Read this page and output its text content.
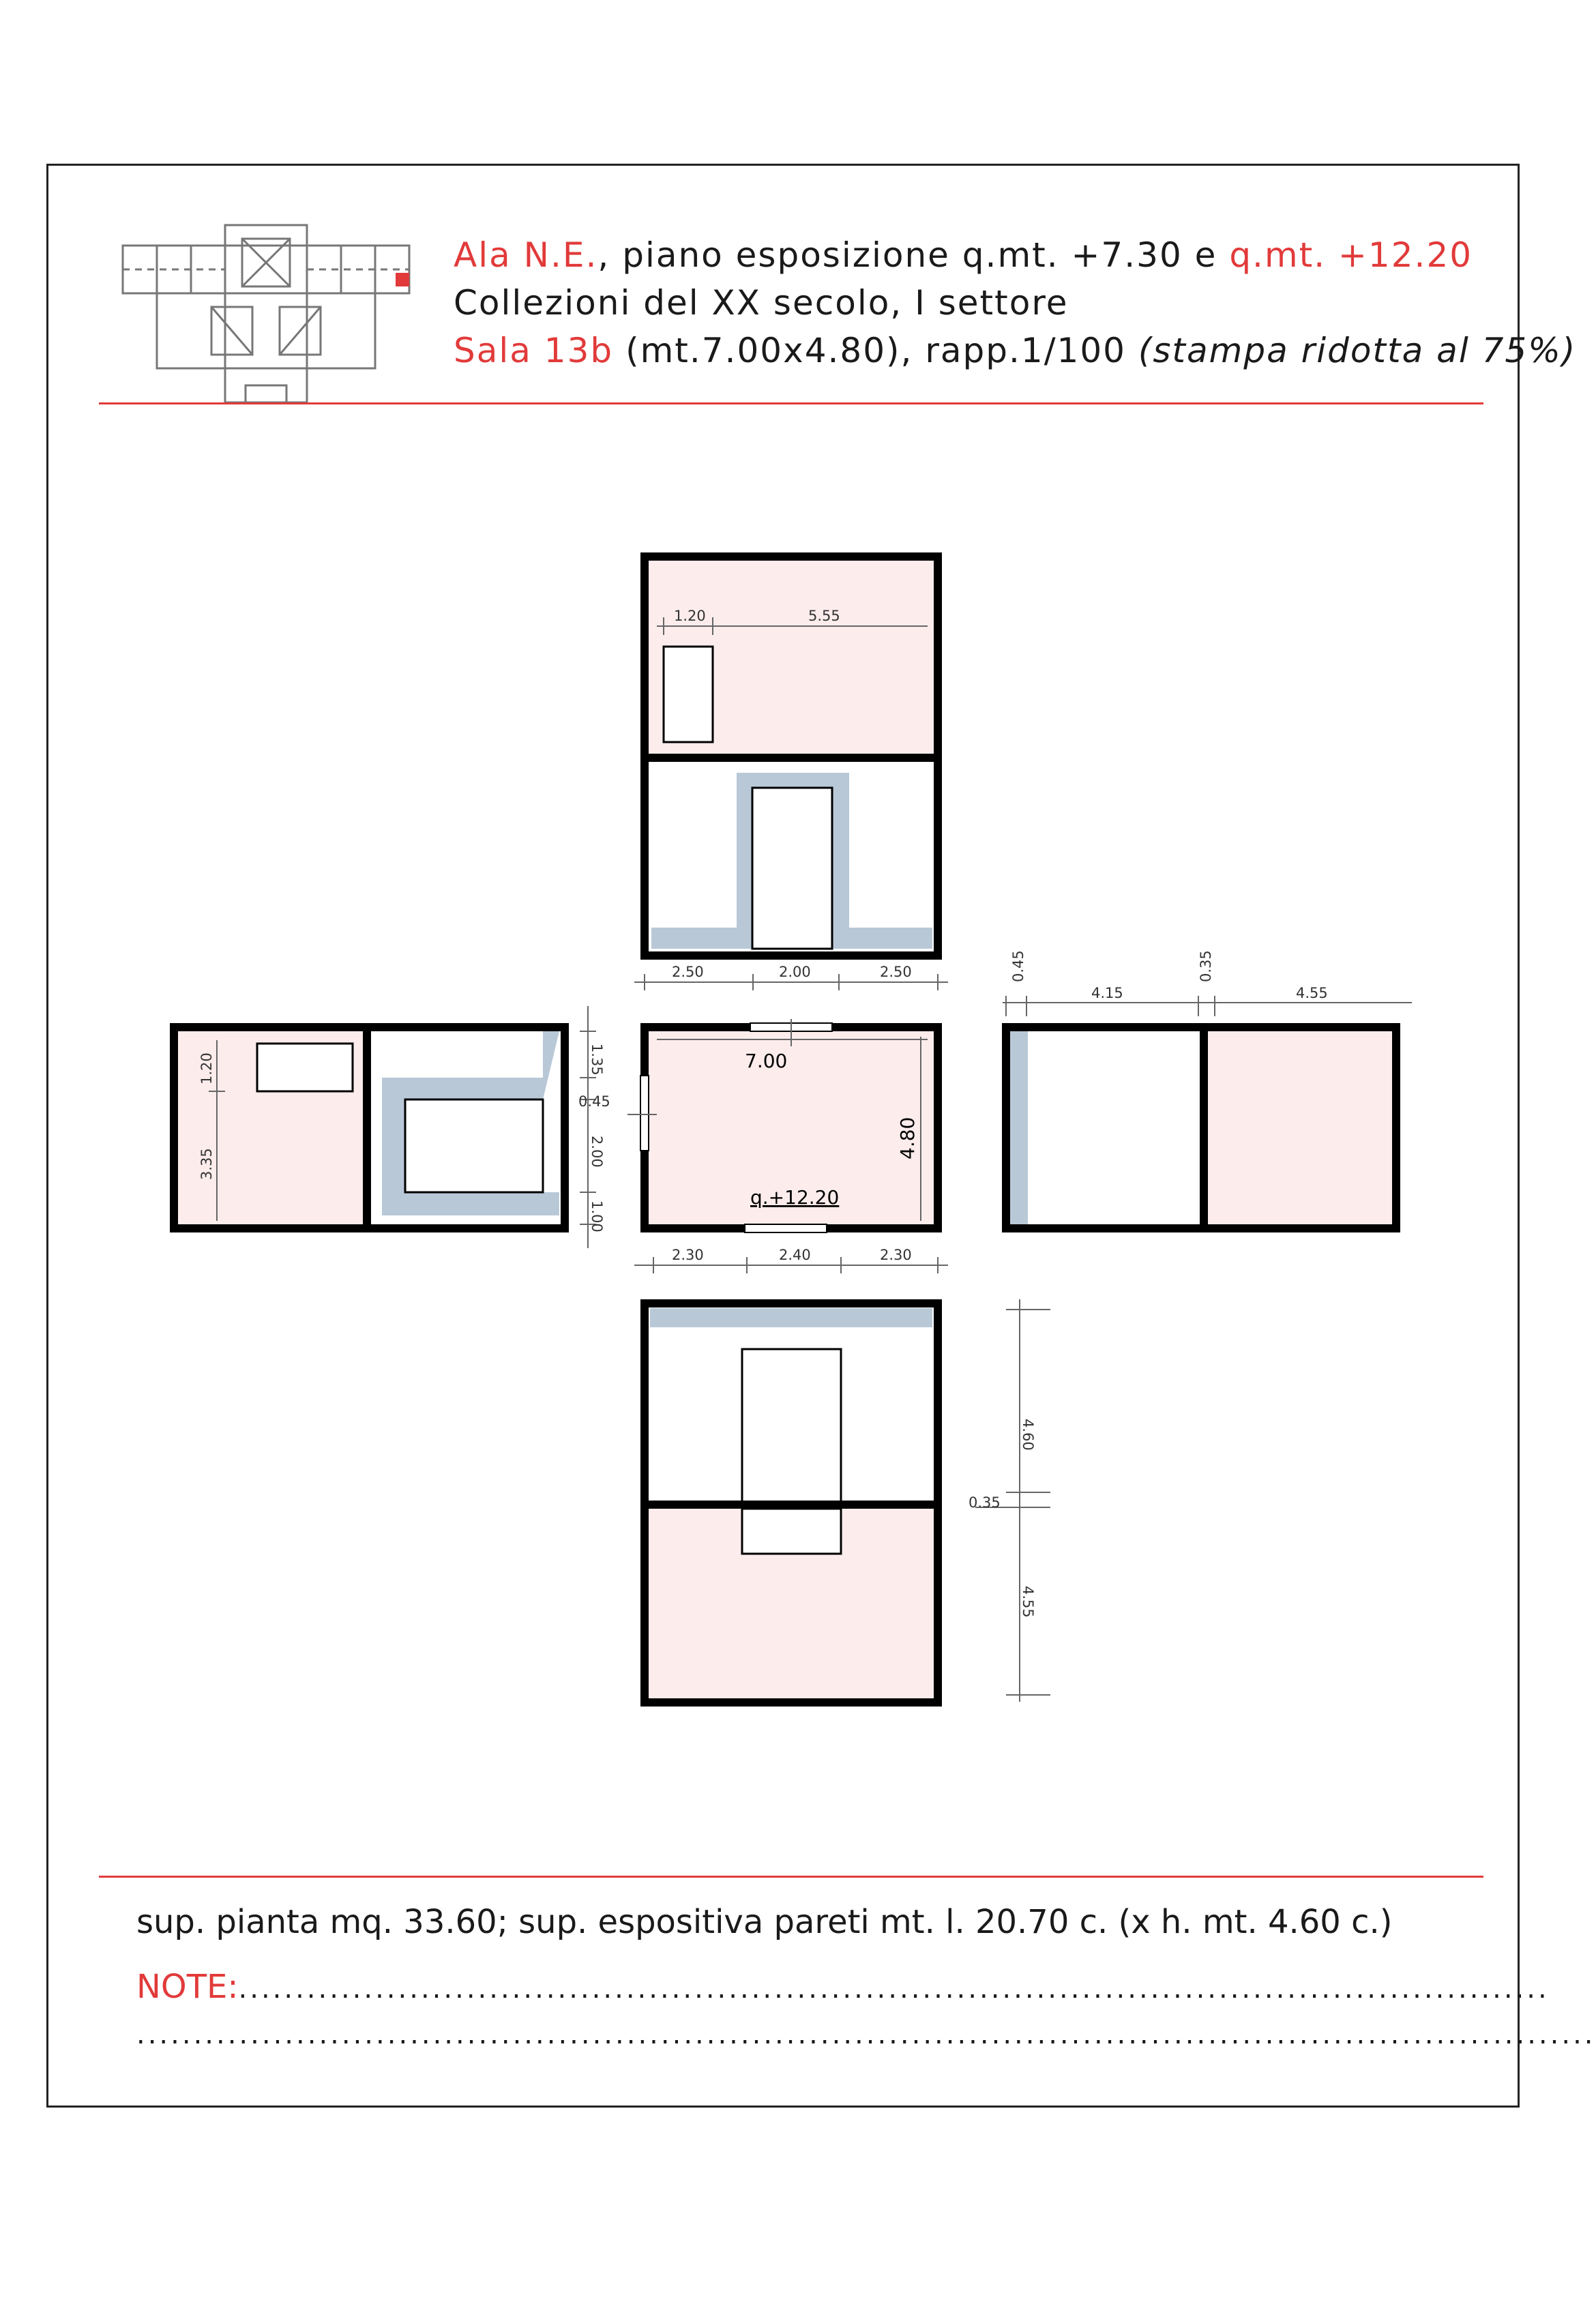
Ala N.E., piano esposizione q.mt. +7.30 e q.mt. +12.20
Collezioni del XX secolo, I settore
Sala 13b (mt.7.00x4.80), rapp.1/100 (stampa ridotta al 75%)
1.20	5.55
2.50	2.00	2.50
7.00
4.80
q.+12.20
2.30	2.40	2.30
4.60
0.35
4.55
1.20
3.35
1.35
0.45
2.00
1.00
0.45
4.15
0.35
4.55
sup. pianta mq. 33.60; sup. espositiva pareti mt. l. 20.70 c. (x h. mt. 4.60 c.)
NOTE:...................................................................................................................
................................................................................................................................
